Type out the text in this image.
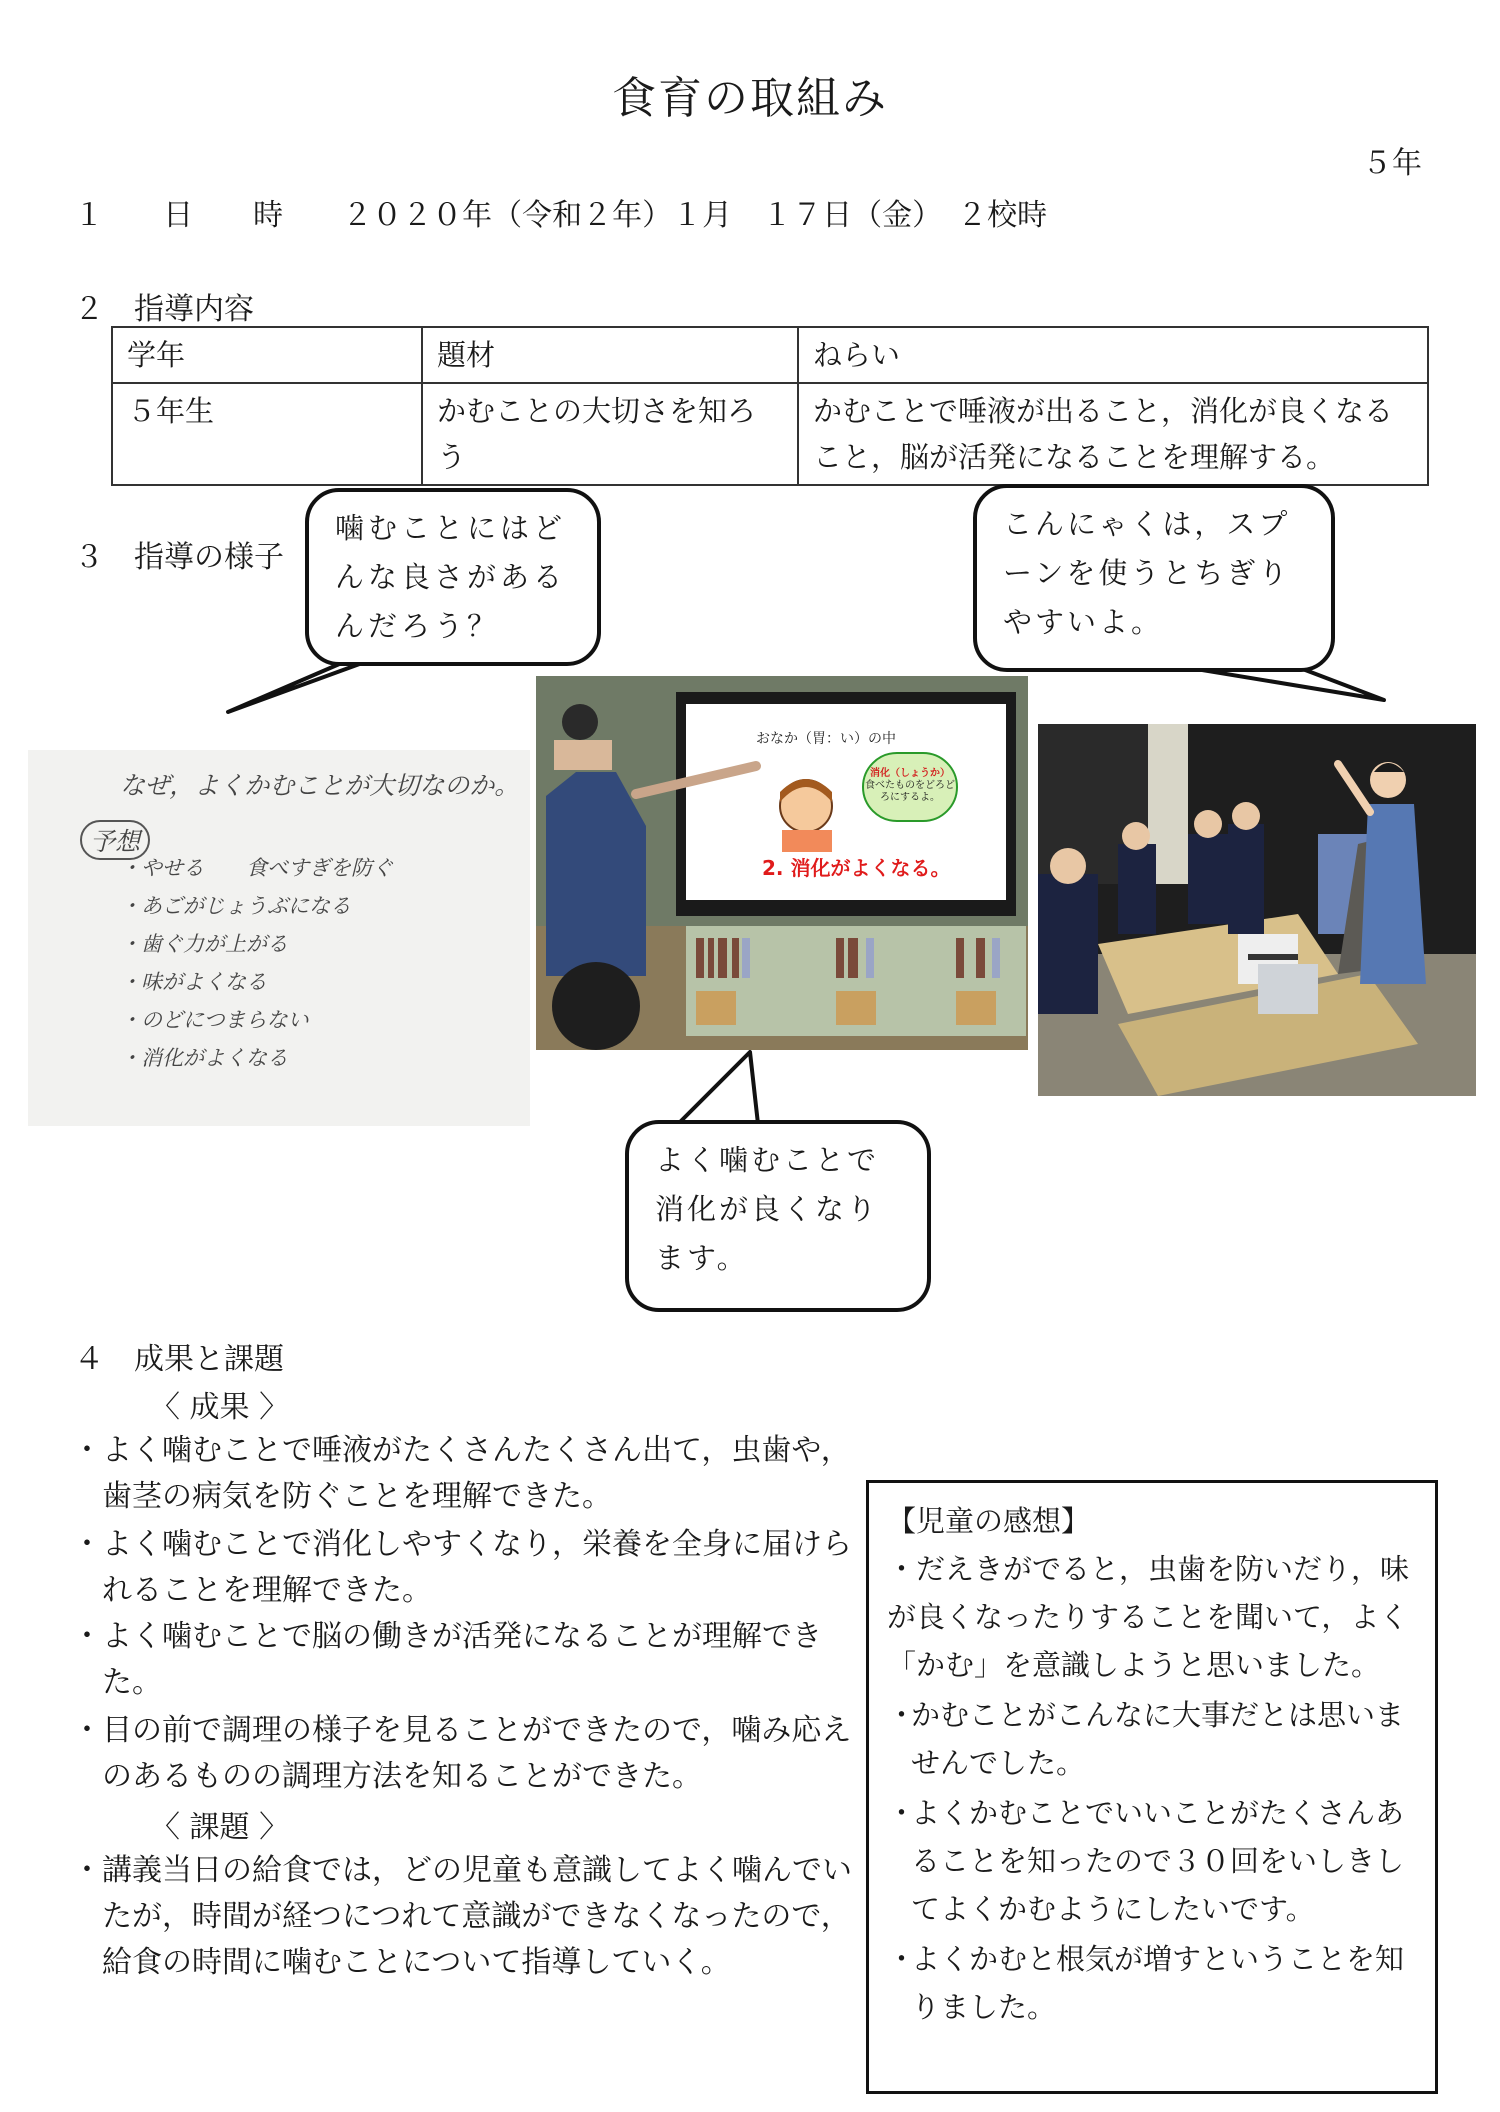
食育の取組み
５年
１ 日　　時 ２０２０年（令和２年）１月　１７日（金）　２校時
２　指導内容
学年	題材	ねらい
５年生	かむことの大切さを知ろう	かむことで唾液が出ること，消化が良くなること，脳が活発になることを理解する。
３　指導の様子
噛むことにはどんな良さがあるんだろう？
こんにゃくは，スプーンを使うとちぎりやすいよ。
よく噛むことで消化が良くなります。
なぜ，よくかむことが大切なのか。
予想
・やせる　　食べすぎを防ぐ
・あごがじょうぶになる
・歯ぐ力が上がる
・味がよくなる
・のどにつまらない
・消化がよくなる
おなか（胃：い）の中
消化（しょうか）
食べたものをどろどろにするよ。
2. 消化がよくなる。
４　成果と課題
〈 成果 〉
・ よく噛むことで唾液がたくさんたくさん出て，虫歯や，歯茎の病気を防ぐことを理解できた。
・ よく噛むことで消化しやすくなり，栄養を全身に届けられることを理解できた。
・ よく噛むことで脳の働きが活発になることが理解できた。
・ 目の前で調理の様子を見ることができたので，噛み応えのあるものの調理方法を知ることができた。
〈 課題 〉
・ 講義当日の給食では，どの児童も意識してよく噛んでいたが，時間が経つにつれて意識ができなくなったので，給食の時間に噛むことについて指導していく。
【児童の感想】
・だえきがでると，虫歯を防いだり，味が良くなったりすることを聞いて，よく「かむ」を意識しようと思いました。
・
かむことがこんなに大事だとは思いませんでした。
・
よくかむことでいいことがたくさんあることを知ったので３０回をいしきしてよくかむようにしたいです。
・
よくかむと根気が増すということを知りました。
